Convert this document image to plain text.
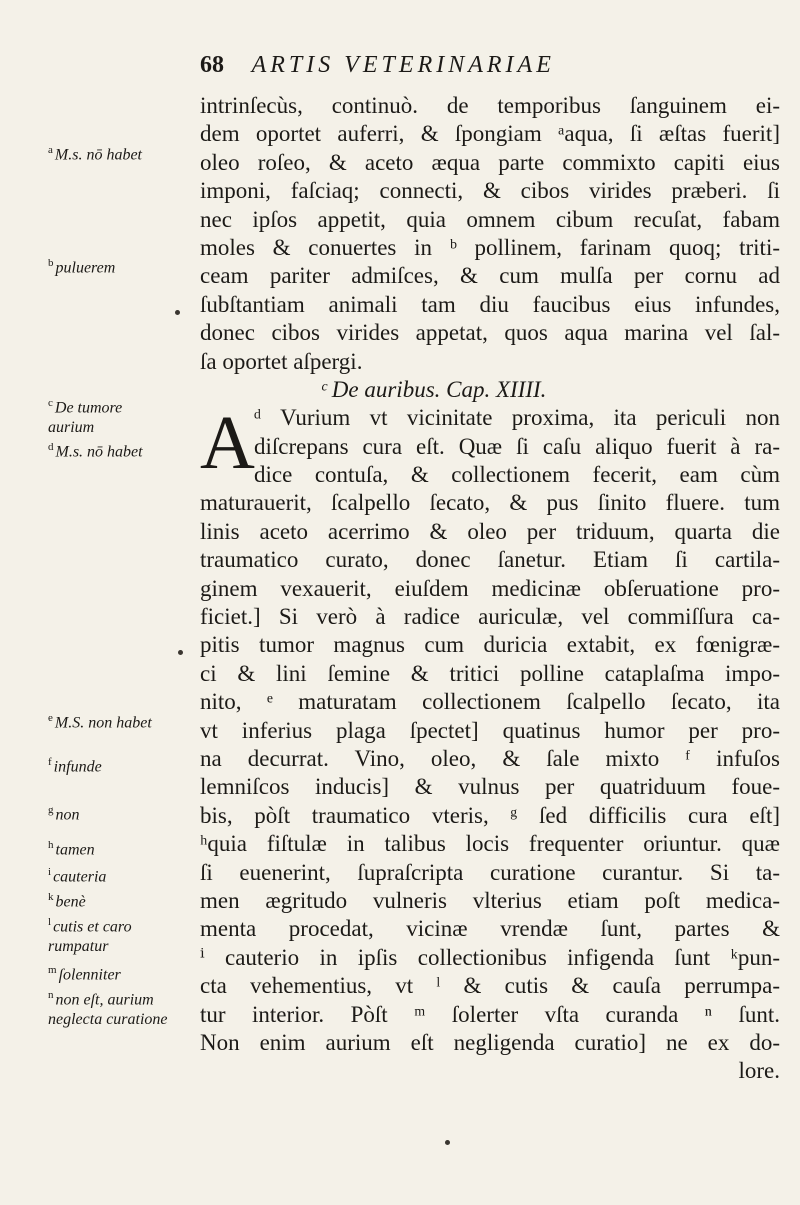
68 ARTIS VETERINARIAE
$^a$ M.s. nō habet
$^b$ puluerem
$^c$ De tumore aurium
$^d$ M.s. nō habet
$^e$ M.S. non habet
$^f$ infunde
$^g$ non
$^h$ tamen
$^i$ cauteria
$^k$ benè
$^l$ cutis et caro rumpatur
$^m$ ſolenniter
$^n$ non eſt, aurium neglecta curatione
intrinſecùs, continuò. de temporibus ſanguinem ei-
dem oportet auferri, & ſpongiam ᵃaqua, ſi æſtas fuerit]
oleo roſeo, & aceto æqua parte commixto capiti eius
imponi, faſciaq; connecti, & cibos virides præberi. ſi
nec ipſos appetit, quia omnem cibum recuſat, fabam
moles & conuertes in ᵇ pollinem, farinam quoq; triti-
ceam pariter admiſces, & cum mulſa per cornu ad
ſubſtantiam animali tam diu faucibus eius infundes,
donec cibos virides appetat, quos aqua marina vel ſal-
ſa oportet aſpergi.
ᶜ De auribus. Cap. XIIII.
A ᵈ Vurium vt vicinitate proxima, ita periculi non
diſcrepans cura eſt. Quæ ſi caſu aliquo fuerit à ra-
dice contuſa, & collectionem fecerit, eam cùm
maturauerit, ſcalpello ſecato, & pus ſinito fluere. tum
linis aceto acerrimo & oleo per triduum, quarta die
traumatico curato, donec ſanetur. Etiam ſi cartila-
ginem vexauerit, eiuſdem medicinæ obſeruatione pro-
ficiet.] Si verò à radice auriculæ, vel commiſſura ca-
pitis tumor magnus cum duricia extabit, ex fœnigræ-
ci & lini ſemine & tritici polline cataplaſma impo-
nito, ᵉ maturatam collectionem ſcalpello ſecato, ita
vt inferius plaga ſpectet] quatinus humor per pro-
na decurrat. Vino, oleo, & ſale mixto ᶠ infuſos
lemniſcos inducis] & vulnus per quatriduum foue-
bis, pòſt traumatico vteris, ᵍ ſed difficilis cura eſt]
ʰquia fiſtulæ in talibus locis frequenter oriuntur. quæ
ſi euenerint, ſupraſcripta curatione curantur. Si ta-
men ægritudo vulneris vlterius etiam poſt medica-
menta procedat, vicinæ vrendæ ſunt, partes &
ⁱ cauterio in ipſis collectionibus infigenda ſunt ᵏpun-
cta vehementius, vt ˡ & cutis & cauſa perrumpa-
tur interior. Pòſt ᵐ ſolerter vſta curanda ⁿ ſunt.
Non enim aurium eſt negligenda curatio] ne ex do-
lore.
